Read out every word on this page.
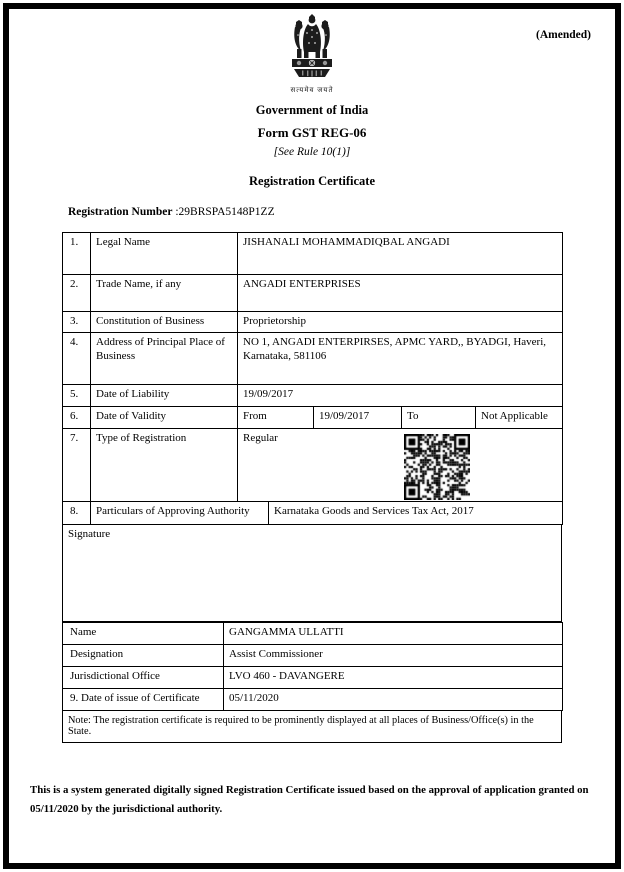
(Amended)
सत्यमेव जयते
Government of India
Form GST REG-06
[See Rule 10(1)]
Registration Certificate
Registration Number :29BRSPA5148P1ZZ
1.	Legal Name	JISHANALI MOHAMMADIQBAL ANGADI			
2.	Trade Name, if any	ANGADI ENTERPRISES			
3.	Constitution of Business	Proprietorship			
4.	Address of Principal Place of Business	NO 1, ANGADI ENTERPIRSES, APMC YARD,, BYADGI, Haveri, Karnataka, 581106			
5.	Date of Liability	19/09/2017			
6.	Date of Validity	From	19/09/2017	To	Not Applicable
7.	Type of Registration	Regular			
8.	Particulars of Approving Authority	Karnataka Goods and Services Tax Act, 2017
Signature
Name	GANGAMMA ULLATTI
Designation	Assist Commissioner
Jurisdictional Office	LVO 460 - DAVANGERE
9. Date of issue of Certificate	05/11/2020
Note: The registration certificate is required to be prominently displayed at all places of Business/Office(s) in the State.
This is a system generated digitally signed Registration Certificate issued based on the approval of application granted on 05/11/2020 by the jurisdictional authority.
